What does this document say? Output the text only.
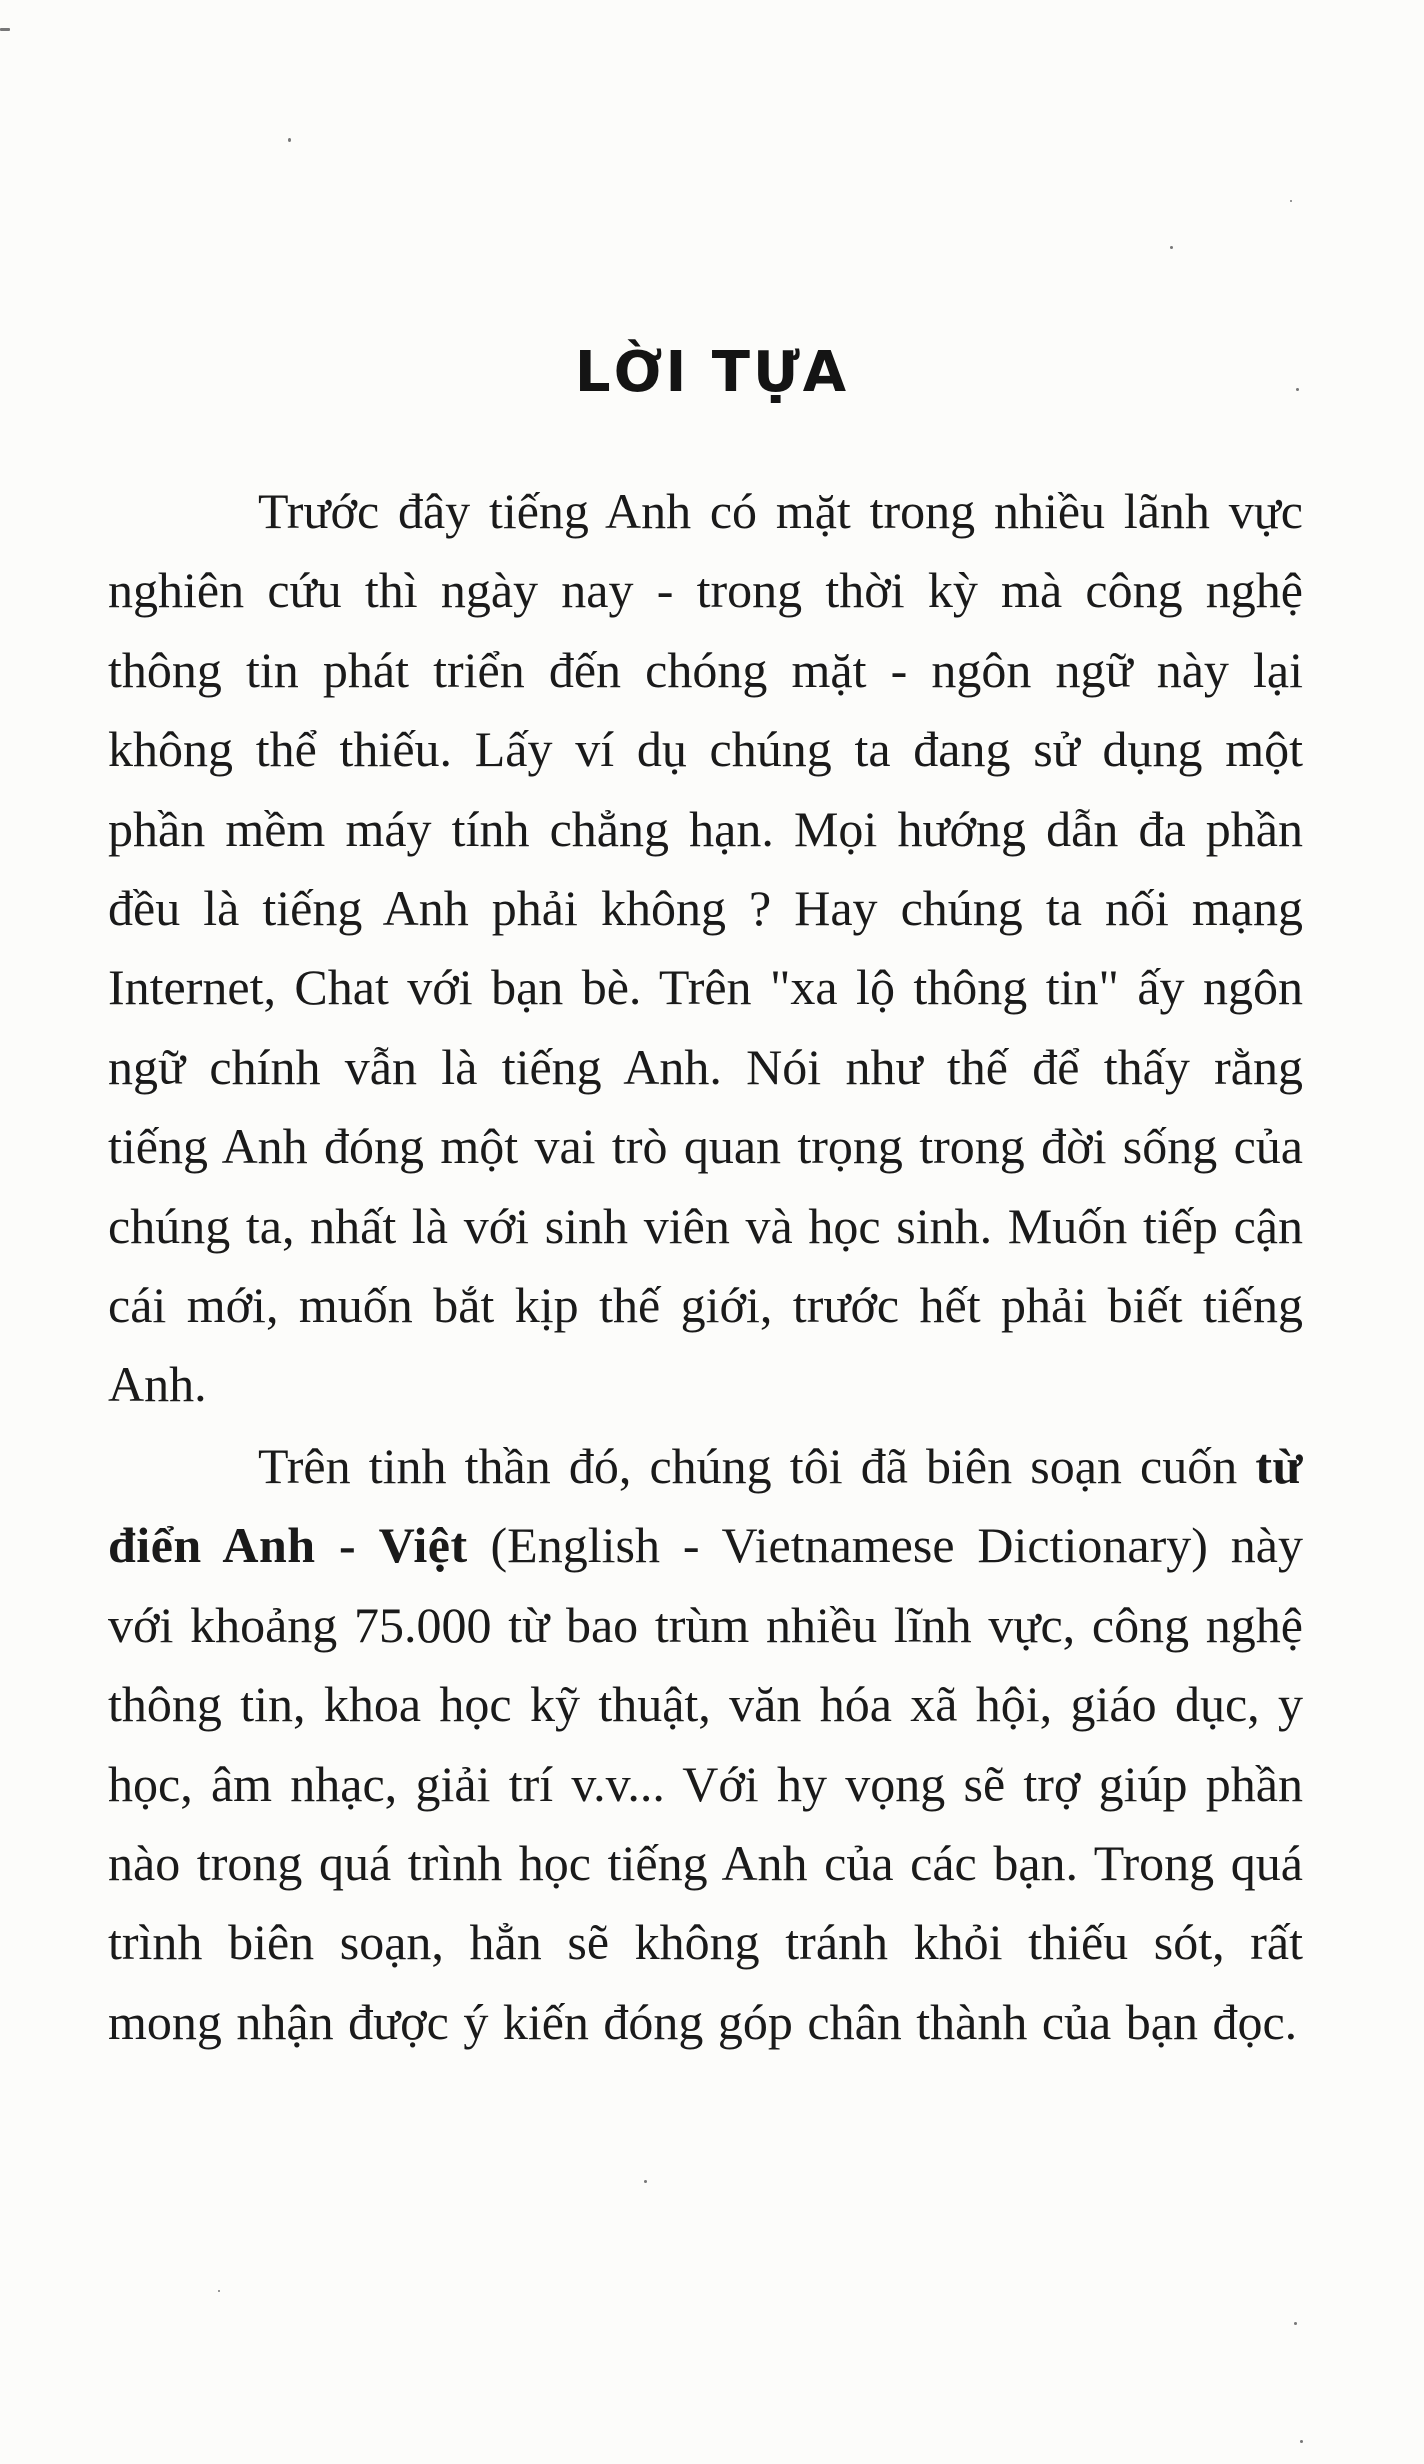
LỜI TỰA

Trước đây tiếng Anh có mặt trong nhiều lãnh vực nghiên cứu thì ngày nay - trong thời kỳ mà công nghệ thông tin phát triển đến chóng mặt - ngôn ngữ này lại không thể thiếu. Lấy ví dụ chúng ta đang sử dụng một phần mềm máy tính chẳng hạn. Mọi hướng dẫn đa phần đều là tiếng Anh phải không ? Hay chúng ta nối mạng Internet, Chat với bạn bè. Trên "xa lộ thông tin" ấy ngôn ngữ chính vẫn là tiếng Anh. Nói như thế để thấy rằng tiếng Anh đóng một vai trò quan trọng trong đời sống của chúng ta, nhất là với sinh viên và học sinh. Muốn tiếp cận cái mới, muốn bắt kịp thế giới, trước hết phải biết tiếng Anh.

Trên tinh thần đó, chúng tôi đã biên soạn cuốn từ điển Anh - Việt (English - Vietnamese Dictionary) này với khoảng 75.000 từ bao trùm nhiều lĩnh vực, công nghệ thông tin, khoa học kỹ thuật, văn hóa xã hội, giáo dục, y học, âm nhạc, giải trí v.v... Với hy vọng sẽ trợ giúp phần nào trong quá trình học tiếng Anh của các bạn. Trong quá trình biên soạn, hẳn sẽ không tránh khỏi thiếu sót, rất mong nhận được ý kiến đóng góp chân thành của bạn đọc.
